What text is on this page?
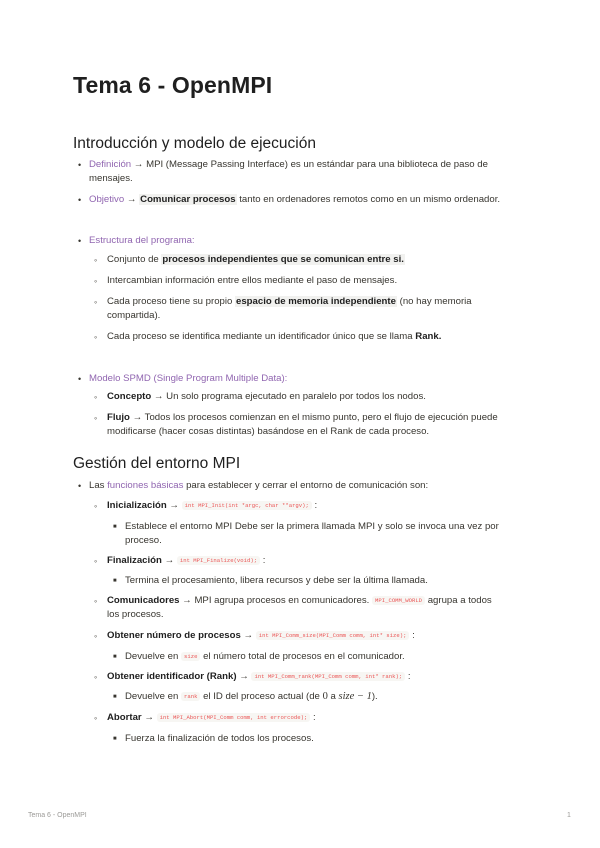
Tema 6 - OpenMPI
Introducción y modelo de ejecución
• Definición → MPI (Message Passing Interface) es un estándar para una biblioteca de paso de
mensajes.
• Objetivo → Comunicar procesos tanto en ordenadores remotos como en un mismo ordenador.
• Estructura del programa:
◦ Conjunto de procesos independientes que se comunican entre si.
◦ Intercambian información entre ellos mediante el paso de mensajes.
◦ Cada proceso tiene su propio espacio de memoria independiente (no hay memoria
compartida).
◦ Cada proceso se identifica mediante un identificador único que se llama Rank.
• Modelo SPMD (Single Program Multiple Data):
◦ Concepto → Un solo programa ejecutado en paralelo por todos los nodos.
◦ Flujo → Todos los procesos comienzan en el mismo punto, pero el flujo de ejecución puede
modificarse (hacer cosas distintas) basándose en el Rank de cada proceso.
Gestión del entorno MPI
• Las funciones básicas para establecer y cerrar el entorno de comunicación son:
◦ Inicialización → int MPI_Init(int *argc, char **argv); :
■ Establece el entorno MPI Debe ser la primera llamada MPI y solo se invoca una vez por
proceso.
◦ Finalización → int MPI_Finalize(void); :
■ Termina el procesamiento, libera recursos y debe ser la última llamada.
◦ Comunicadores → MPI agrupa procesos en comunicadores. MPI_COMM_WORLD agrupa a todos
los procesos.
◦ Obtener número de procesos → int MPI_Comm_size(MPI_Comm comm, int* size); :
■ Devuelve en size el número total de procesos en el comunicador.
◦ Obtener identificador (Rank) → int MPI_Comm_rank(MPI_Comm comm, int* rank); :
■ Devuelve en rank el ID del proceso actual (de 0 a size − 1).
◦ Abortar → int MPI_Abort(MPI_Comm comm, int errorcode); :
■ Fuerza la finalización de todos los procesos.
Tema 6 - OpenMPI	1
